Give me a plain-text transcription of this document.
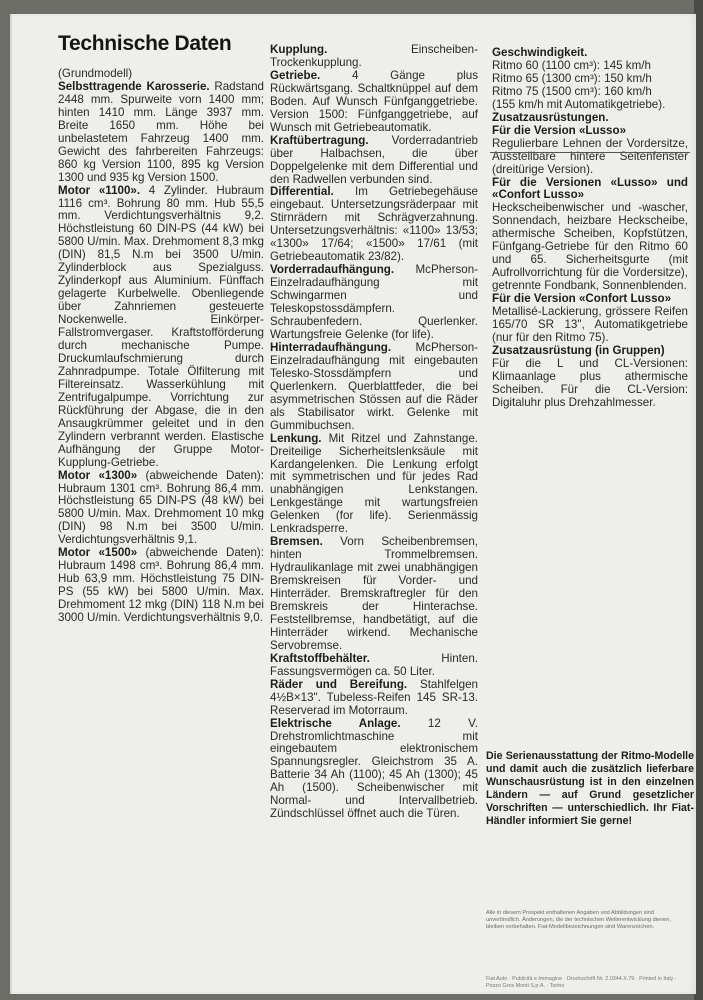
Technische Daten

(Grundmodell)

Selbsttragende Karosserie. Radstand 2448 mm. Spurweite vorn 1400 mm; hinten 1410 mm. Länge 3937 mm. Breite 1650 mm. Höhe bei unbelastetem Fahrzeug 1400 mm. Gewicht des fahrbereiten Fahrzeugs: 860 kg Version 1100, 895 kg Version 1300 und 935 kg Version 1500.

Motor «1100». 4 Zylinder. Hubraum 1116 cm³. Bohrung 80 mm. Hub 55,5 mm. Verdichtungsverhältnis 9,2. Höchstleistung 60 DIN-PS (44 kW) bei 5800 U/min. Max. Drehmoment 8,3 mkg (DIN) 81,5 N.m bei 3500 U/min. Zylinderblock aus Spezialguss. Zylinderkopf aus Aluminium. Fünffach gelagerte Kurbelwelle. Obenliegende über Zahnriemen gesteuerte Nockenwelle. Einkörper-Fallstromvergaser. Kraftstofförderung durch mechanische Pumpe. Druckumlaufschmierung durch Zahnradpumpe. Totale Ölfilterung mit Filtereinsatz. Wasserkühlung mit Zentrifugalpumpe. Vorrichtung zur Rückführung der Abgase, die in den Ansaugkrümmer geleitet und in den Zylindern verbrannt werden. Elastische Aufhängung der Gruppe Motor-Kupplung-Getriebe.

Motor «1300» (abweichende Daten): Hubraum 1301 cm³. Bohrung 86,4 mm. Höchstleistung 65 DIN-PS (48 kW) bei 5800 U/min. Max. Drehmoment 10 mkg (DIN) 98 N.m bei 3500 U/min. Verdichtungsverhältnis 9,1.

Motor «1500» (abweichende Daten): Hubraum 1498 cm³. Bohrung 86,4 mm. Hub 63,9 mm. Höchstleistung 75 DIN-PS (55 kW) bei 5800 U/min. Max. Drehmoment 12 mkg (DIN) 118 N.m bei 3000 U/min. Verdichtungsverhältnis 9,0.

Kupplung.	Einscheiben-Trockenkupplung.

Getriebe.	4 Gänge plus Rückwärtsgang. Schaltknüppel auf dem Boden. Auf Wunsch Fünfganggetriebe. Version 1500: Fünfganggetriebe, auf Wunsch mit Getriebeautomatik.

Kraftübertragung. Vorderradantrieb über Halbachsen, die über Doppelgelenke mit dem Differential und den Radwellen verbunden sind.

Differential. Im Getriebegehäuse eingebaut. Untersetzungsräderpaar mit Stirnrädern mit Schrägverzahnung. Untersetzungsverhältnis: «1100» 13/53; «1300» 17/64; «1500» 17/61 (mit Getriebeautomatik 23/82).

Vorderradaufhängung. McPherson-Einzelradaufhängung mit Schwingarmen und Teleskopstossdämpfern. Schraubenfedern. Querlenker. Wartungsfreie Gelenke (for life).

Hinterradaufhängung. McPherson-Einzelradaufhängung mit eingebauten Telesko-Stossdämpfern und Querlenkern. Querblattfeder, die bei asymmetrischen Stössen auf die Räder als Stabilisator wirkt. Gelenke mit Gummibuchsen.

Lenkung. Mit Ritzel und Zahnstange. Dreiteilige Sicherheitslenksäule mit Kardangelenken. Die Lenkung erfolgt mit symmetrischen und für jedes Rad unabhängigen Lenkstangen. Lenkgestänge mit wartungsfreien Gelenken (for life). Serienmässig Lenkradsperre.

Bremsen. Vorn Scheibenbremsen, hinten Trommelbremsen. Hydraulikanlage mit zwei unabhängigen Bremskreisen für Vorder- und Hinterräder. Bremskraftregler für den Bremskreis der Hinterachse. Feststellbremse, handbetätigt, auf die Hinterräder wirkend. Mechanische Servobremse.

Kraftstoffbehälter.	Hinten. Fassungsvermögen ca. 50 Liter.

Räder und Bereifung. Stahlfelgen 4½B×13". Tubeless-Reifen 145 SR-13. Reserverad im Motorraum.

Elektrische Anlage. 12 V. Drehstromlichtmaschine mit eingebautem elektronischem Spannungsregler. Gleichstrom 35 A. Batterie 34 Ah (1100); 45 Ah (1300); 45 Ah (1500). Scheibenwischer mit Normal- und Intervallbetrieb. Zündschlüssel öffnet auch die Türen.

Geschwindigkeit.

Ritmo 60 (1100 cm³): 145 km/h

Ritmo 65 (1300 cm³): 150 km/h

Ritmo 75 (1500 cm³): 160 km/h

(155 km/h mit Automatikgetriebe).

Zusatzausrüstungen.

Für die Version «Lusso»
Regulierbare Lehnen der Vordersitze, Ausstellbare hintere Seitenfenster (dreitürige Version).

Für die Versionen «Lusso» und «Confort Lusso»
Heckscheibenwischer und -wascher, Sonnendach, heizbare Heckscheibe, athermische Scheiben, Kopfstützen, Fünfgang-Getriebe für den Ritmo 60 und 65. Sicherheitsgurte (mit Aufrollvorrichtung für die Vordersitze), getrennte Fondbank, Sonnenblenden.

Für die Version «Confort Lusso»
Metallisé-Lackierung, grössere Reifen 165/70 SR 13", Automatikgetriebe (nur für den Ritmo 75).

Zusatzausrüstung (in Gruppen)
Für die L und CL-Versionen: Klimaanlage plus athermische Scheiben. Für die CL-Version: Digitaluhr plus Drehzahlmesser.

Die Serienausstattung der Ritmo-Modelle und damit auch die zusätzlich lieferbare Wunschausrüstung ist in den einzelnen Ländern — auf Grund gesetzlicher Vorschriften — unterschiedlich. Ihr Fiat-Händler informiert Sie gerne!
Alle in diesem Prospekt enthaltenen Angaben und Abbildungen sind unverbindlich. Änderungen, die der technischen Weiterentwicklung dienen, bleiben vorbehalten. Fiat-Modellbezeichnungen sind Warenzeichen.
Fiat Auto · Publicità e Immagine · Druckschrift Nr. 2.0344.X.79 · Printed in Italy · Pozzo Gros Monti S.p.A. · Torino
